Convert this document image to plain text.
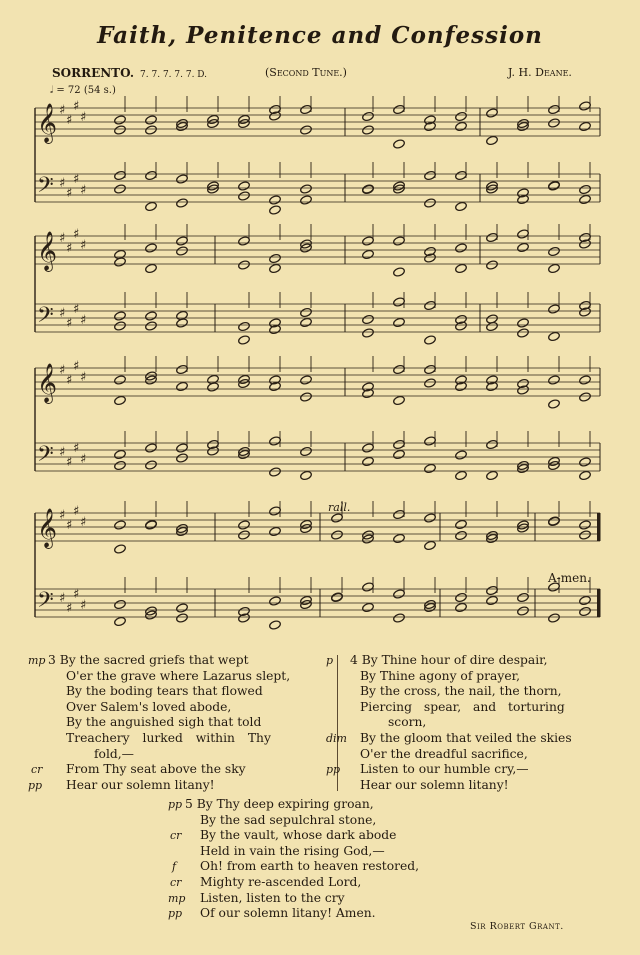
Faith, Penitence and Confession
SORRENTO. 7. 7. 7. 7. 7. D.	(Second Tune.)	J. H. Deane.
𝅗𝅥 = 72 (54 s.)
𝄞 ♯
♯
♯
♯
𝄢 ♯
♯
♯
♯
𝄞 ♯
♯
♯
♯
𝄢 ♯
♯
♯
♯
𝄞 ♯
♯
♯
♯
𝄢 ♯
♯
♯
♯
𝄞 ♯
♯
♯
♯
𝄢 ♯
♯
♯
♯
rall.
A-men.
mp 3 By the sacred griefs that wept
O'er the grave where Lazarus slept,
By the boding tears that flowed
Over Salem's loved abode,
By the anguished sigh that told
Treachery lurked within Thy
fold,—
cr From Thy seat above the sky
pp Hear our solemn litany!
p 4 By Thine hour of dire despair,
By Thine agony of prayer,
By the cross, the nail, the thorn,
Piercing spear, and torturing
scorn,
dim By the gloom that veiled the skies
O'er the dreadful sacrifice,
pp Listen to our humble cry,—
Hear our solemn litany!
pp 5 By Thy deep expiring groan,
By the sad sepulchral stone,
cr By the vault, whose dark abode
Held in vain the rising God,—
f Oh! from earth to heaven restored,
cr Mighty re-ascended Lord,
mp Listen, listen to the cry
pp Of our solemn litany! Amen.
Sir Robert Grant.
